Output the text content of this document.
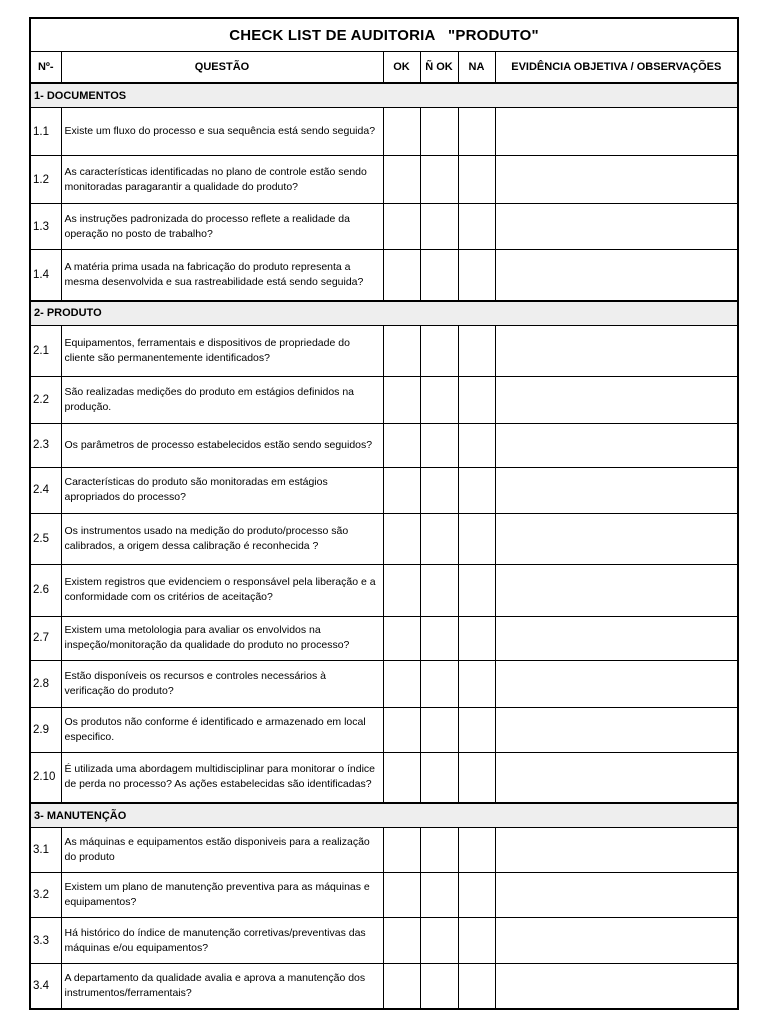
CHECK LIST DE AUDITORIA   "PRODUTO"					
Nº-	QUESTÃO	OK	Ñ OK	NA	EVIDÊNCIA OBJETIVA / OBSERVAÇÕES
1- DOCUMENTOS					
1.1	Existe um fluxo do processo e sua sequência está sendo seguida?				
1.2	As características identificadas no plano de controle estão sendo monitoradas paragarantir a qualidade do produto?				
1.3	As instruções padronizada do processo reflete a realidade da operação no posto de trabalho?				
1.4	A matéria prima usada na fabricação do produto representa a mesma desenvolvida e sua rastreabilidade está sendo seguida?				
2- PRODUTO					
2.1	Equipamentos, ferramentais e dispositivos de propriedade do cliente são permanentemente identificados?				
2.2	São realizadas medições do produto em estágios definidos na produção.				
2.3	Os parâmetros de processo estabelecidos estão sendo seguidos?				
2.4	Características do produto são monitoradas em estágios apropriados do processo?				
2.5	Os instrumentos usado na medição do produto/processo são calibrados, a origem dessa calibração é reconhecida ?				
2.6	Existem registros que evidenciem o responsável pela liberação e a conformidade com os critérios de aceitação?				
2.7	Existem uma metolologia para avaliar os envolvidos na inspeção/monitoração da qualidade do produto no processo?				
2.8	Estão disponíveis os recursos e controles necessários à verificação do produto?				
2.9	Os produtos não conforme é identificado e armazenado em local especifico.				
2.10	É utilizada uma abordagem multidisciplinar para monitorar o índice de perda no processo? As ações estabelecidas são identificadas?				
3- MANUTENÇÃO					
3.1	As máquinas e equipamentos estão disponiveis para a realização do produto				
3.2	Existem um plano de manutenção preventiva para as máquinas e equipamentos?				
3.3	Há histórico do índice de manutenção corretivas/preventivas das máquinas e/ou equipamentos?				
3.4	A departamento da qualidade avalia e aprova a manutenção dos instrumentos/ferramentais?				
